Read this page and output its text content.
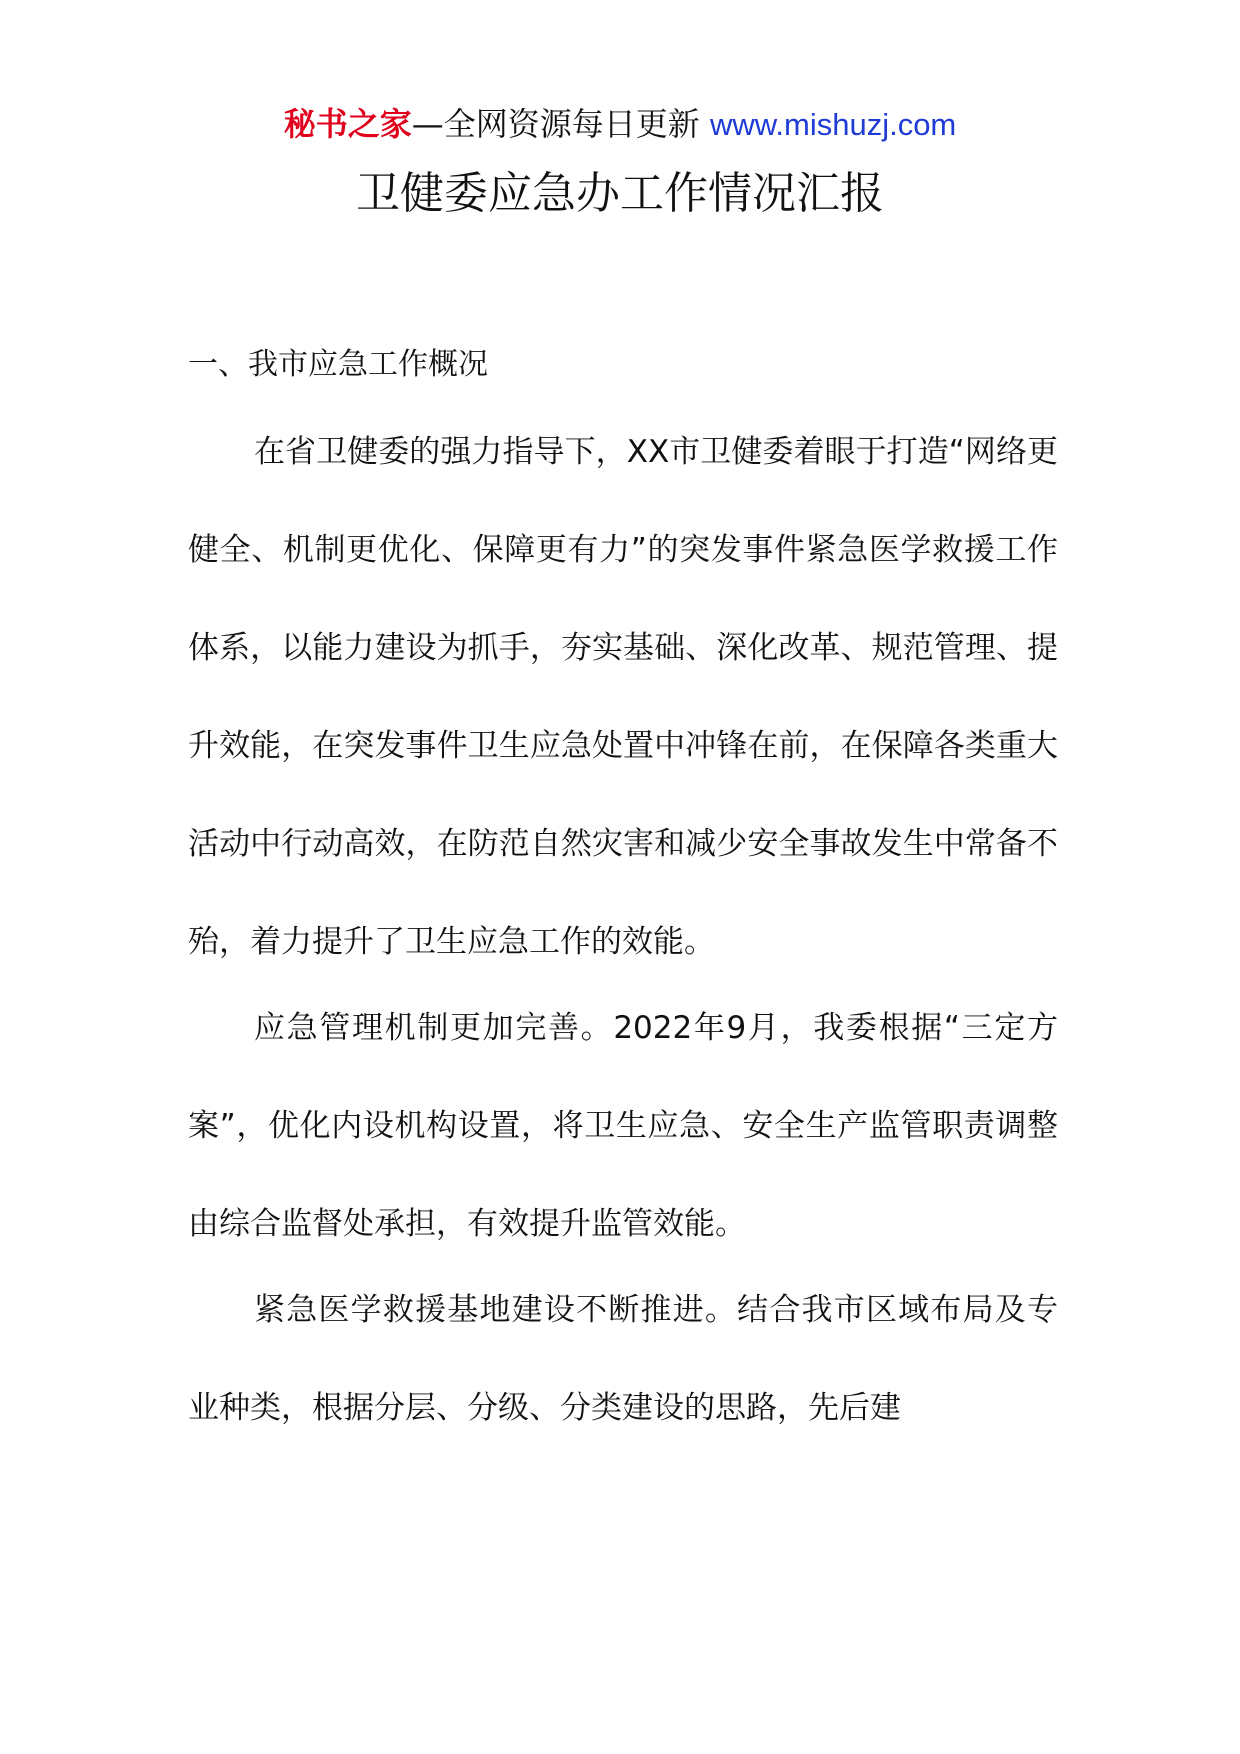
秘书之家—全网资源每日更新 www.mishuzj.com
卫健委应急办工作情况汇报
一、我市应急工作概况

在省卫健委的强力指导下，XX市卫健委着眼于打造“网络更健全、机制更优化、保障更有力”的突发事件紧急医学救援工作体系，以能力建设为抓手，夯实基础、深化改革、规范管理、提升效能，在突发事件卫生应急处置中冲锋在前，在保障各类重大活动中行动高效，在防范自然灾害和减少安全事故发生中常备不殆，着力提升了卫生应急工作的效能。

应急管理机制更加完善。2022年9月，我委根据“三定方案”，优化内设机构设置，将卫生应急、安全生产监管职责调整由综合监督处承担，有效提升监管效能。

紧急医学救援基地建设不断推进。结合我市区域布局及专业种类，根据分层、分级、分类建设的思路，先后建
